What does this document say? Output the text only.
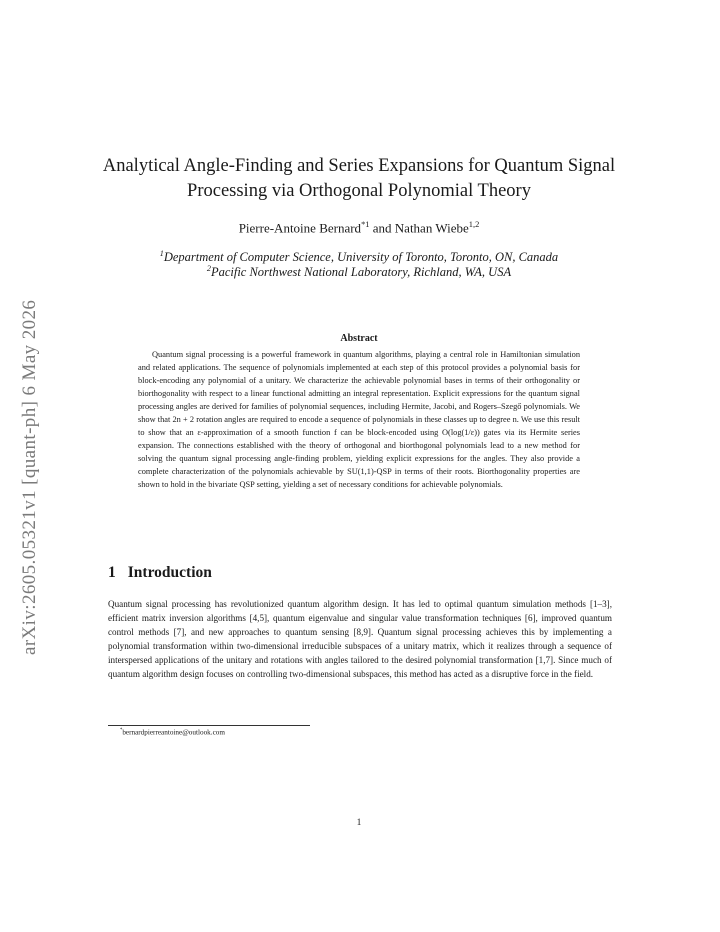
arXiv:2605.05321v1 [quant-ph] 6 May 2026
Analytical Angle-Finding and Series Expansions for Quantum Signal Processing via Orthogonal Polynomial Theory
Pierre-Antoine Bernard$^{*1}$ and Nathan Wiebe$^{1,2}$
$^1$Department of Computer Science, University of Toronto, Toronto, ON, Canada
$^2$Pacific Northwest National Laboratory, Richland, WA, USA
Abstract

Quantum signal processing is a powerful framework in quantum algorithms, playing a central role in Hamiltonian simulation and related applications. The sequence of polynomials implemented at each step of this protocol provides a polynomial basis for block-encoding any polynomial of a unitary. We characterize the achievable polynomial bases in terms of their orthogonality or biorthogonality with respect to a linear functional admitting an integral representation. Explicit expressions for the quantum signal processing angles are derived for families of polynomial sequences, including Hermite, Jacobi, and Rogers–Szegő polynomials. We show that 2n + 2 rotation angles are required to encode a sequence of polynomials in these classes up to degree n. We use this result to show that an ε-approximation of a smooth function f can be block-encoded using O(log(1/ε)) gates via its Hermite series expansion. The connections established with the theory of orthogonal and biorthogonal polynomials lead to a new method for solving the quantum signal processing angle-finding problem, yielding explicit expressions for the angles. They also provide a complete characterization of the polynomials achievable by SU(1,1)-QSP in terms of their roots. Biorthogonality properties are shown to hold in the bivariate QSP setting, yielding a set of necessary conditions for achievable polynomials.

1 Introduction

Quantum signal processing has revolutionized quantum algorithm design. It has led to optimal quantum simulation methods [1–3], efficient matrix inversion algorithms [4,5], quantum eigenvalue and singular value transformation techniques [6], improved quantum control methods [7], and new approaches to quantum sensing [8,9]. Quantum signal processing achieves this by implementing a polynomial transformation within two-dimensional irreducible subspaces of a unitary matrix, which it realizes through a sequence of interspersed applications of the unitary and rotations with angles tailored to the desired polynomial transformation [1,7]. Since much of quantum algorithm design focuses on controlling two-dimensional subspaces, this method has acted as a disruptive force in the field.

*bernardpierreantoine@outlook.com
1
